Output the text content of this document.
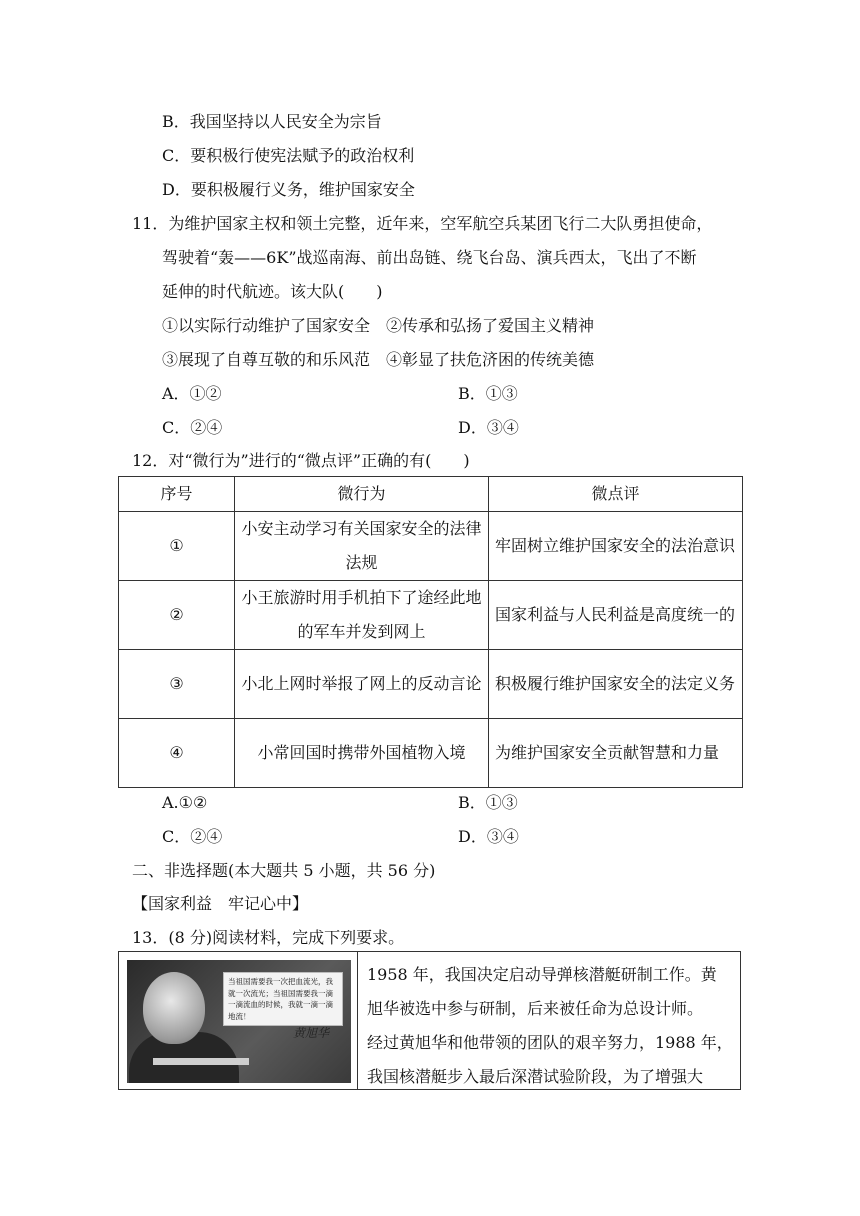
B．我国坚持以人民安全为宗旨
C．要积极行使宪法赋予的政治权利
D．要积极履行义务，维护国家安全
11．为维护国家主权和领土完整，近年来，空军航空兵某团飞行二大队勇担使命，
驾驶着“轰——6K”战巡南海、前出岛链、绕飞台岛、演兵西太，飞出了不断
延伸的时代航迹。该大队(　　)
①以实际行动维护了国家安全　②传承和弘扬了爱国主义精神
③展现了自尊互敬的和乐风范　④彰显了扶危济困的传统美德
A．①②	B．①③
C．②④	D．③④
12．对“微行为”进行的“微点评”正确的有(　　)
序号	微行为	微点评
①	小安主动学习有关国家安全的法律法规	牢固树立维护国家安全的法治意识
②	小王旅游时用手机拍下了途经此地的军车并发到网上	国家利益与人民利益是高度统一的
③	小北上网时举报了网上的反动言论	积极履行维护国家安全的法定义务
④	小常回国时携带外国植物入境	为维护国家安全贡献智慧和力量
A.①②	B．①③
C．②④	D．③④
二、非选择题(本大题共 5 小题，共 56 分)
【国家利益　牢记心中】
13．(8 分)阅读材料，完成下列要求。
当祖国需要我一次把血流光，我就一次流光；当祖国需要我一滴一滴流血的时候，我就一滴一滴地流！
黄旭华
1958 年，我国决定启动导弹核潜艇研制工作。黄
旭华被选中参与研制，后来被任命为总设计师。
经过黄旭华和他带领的团队的艰辛努力，1988 年，
我国核潜艇步入最后深潜试验阶段，为了增强大
